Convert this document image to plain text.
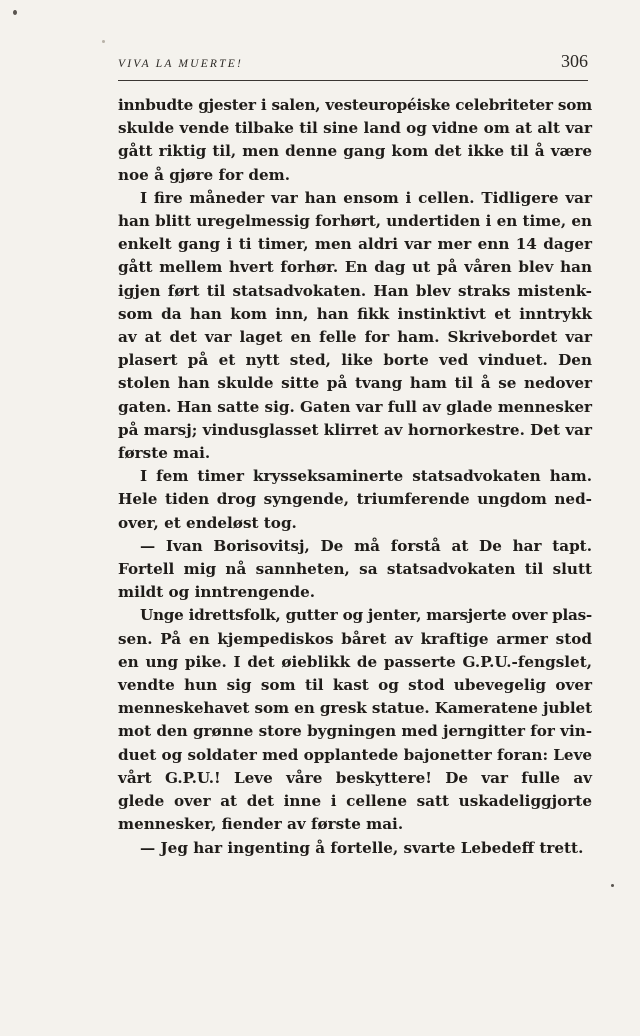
VIVA LA MUERTE!	306
innbudte gjester i salen, vesteuropéiske celebriteter som
skulde vende tilbake til sine land og vidne om at alt var
gått riktig til, men denne gang kom det ikke til å være
noe å gjøre for dem.
I fire måneder var han ensom i cellen. Tidligere var
han blitt uregelmessig forhørt, undertiden i en time, en
enkelt gang i ti timer, men aldri var mer enn 14 dager
gått mellem hvert forhør. En dag ut på våren blev han
igjen ført til statsadvokaten. Han blev straks mistenk-
som da han kom inn, han fikk instinktivt et inntrykk
av at det var laget en felle for ham. Skrivebordet var
plasert på et nytt sted, like borte ved vinduet. Den
stolen han skulde sitte på tvang ham til å se nedover
gaten. Han satte sig. Gaten var full av glade mennesker
på marsj; vindusglasset klirret av hornorkestre. Det var
første mai.
I fem timer krysseksaminerte statsadvokaten ham.
Hele tiden drog syngende, triumferende ungdom ned-
over, et endeløst tog.
— Ivan Borisovitsj, De må forstå at De har tapt.
Fortell mig nå sannheten, sa statsadvokaten til slutt
mildt og inntrengende.
Unge idrettsfolk, gutter og jenter, marsjerte over plas-
sen. På en kjempediskos båret av kraftige armer stod
en ung pike. I det øieblikk de passerte G.P.U.-fengslet,
vendte hun sig som til kast og stod ubevegelig over
menneskehavet som en gresk statue. Kameratene jublet
mot den grønne store bygningen med jerngitter for vin-
duet og soldater med opplantede bajonetter foran: Leve
vårt G.P.U.! Leve våre beskyttere! De var fulle av
glede over at det inne i cellene satt uskadeliggjorte
mennesker, fiender av første mai.
— Jeg har ingenting å fortelle, svarte Lebedeff trett.
